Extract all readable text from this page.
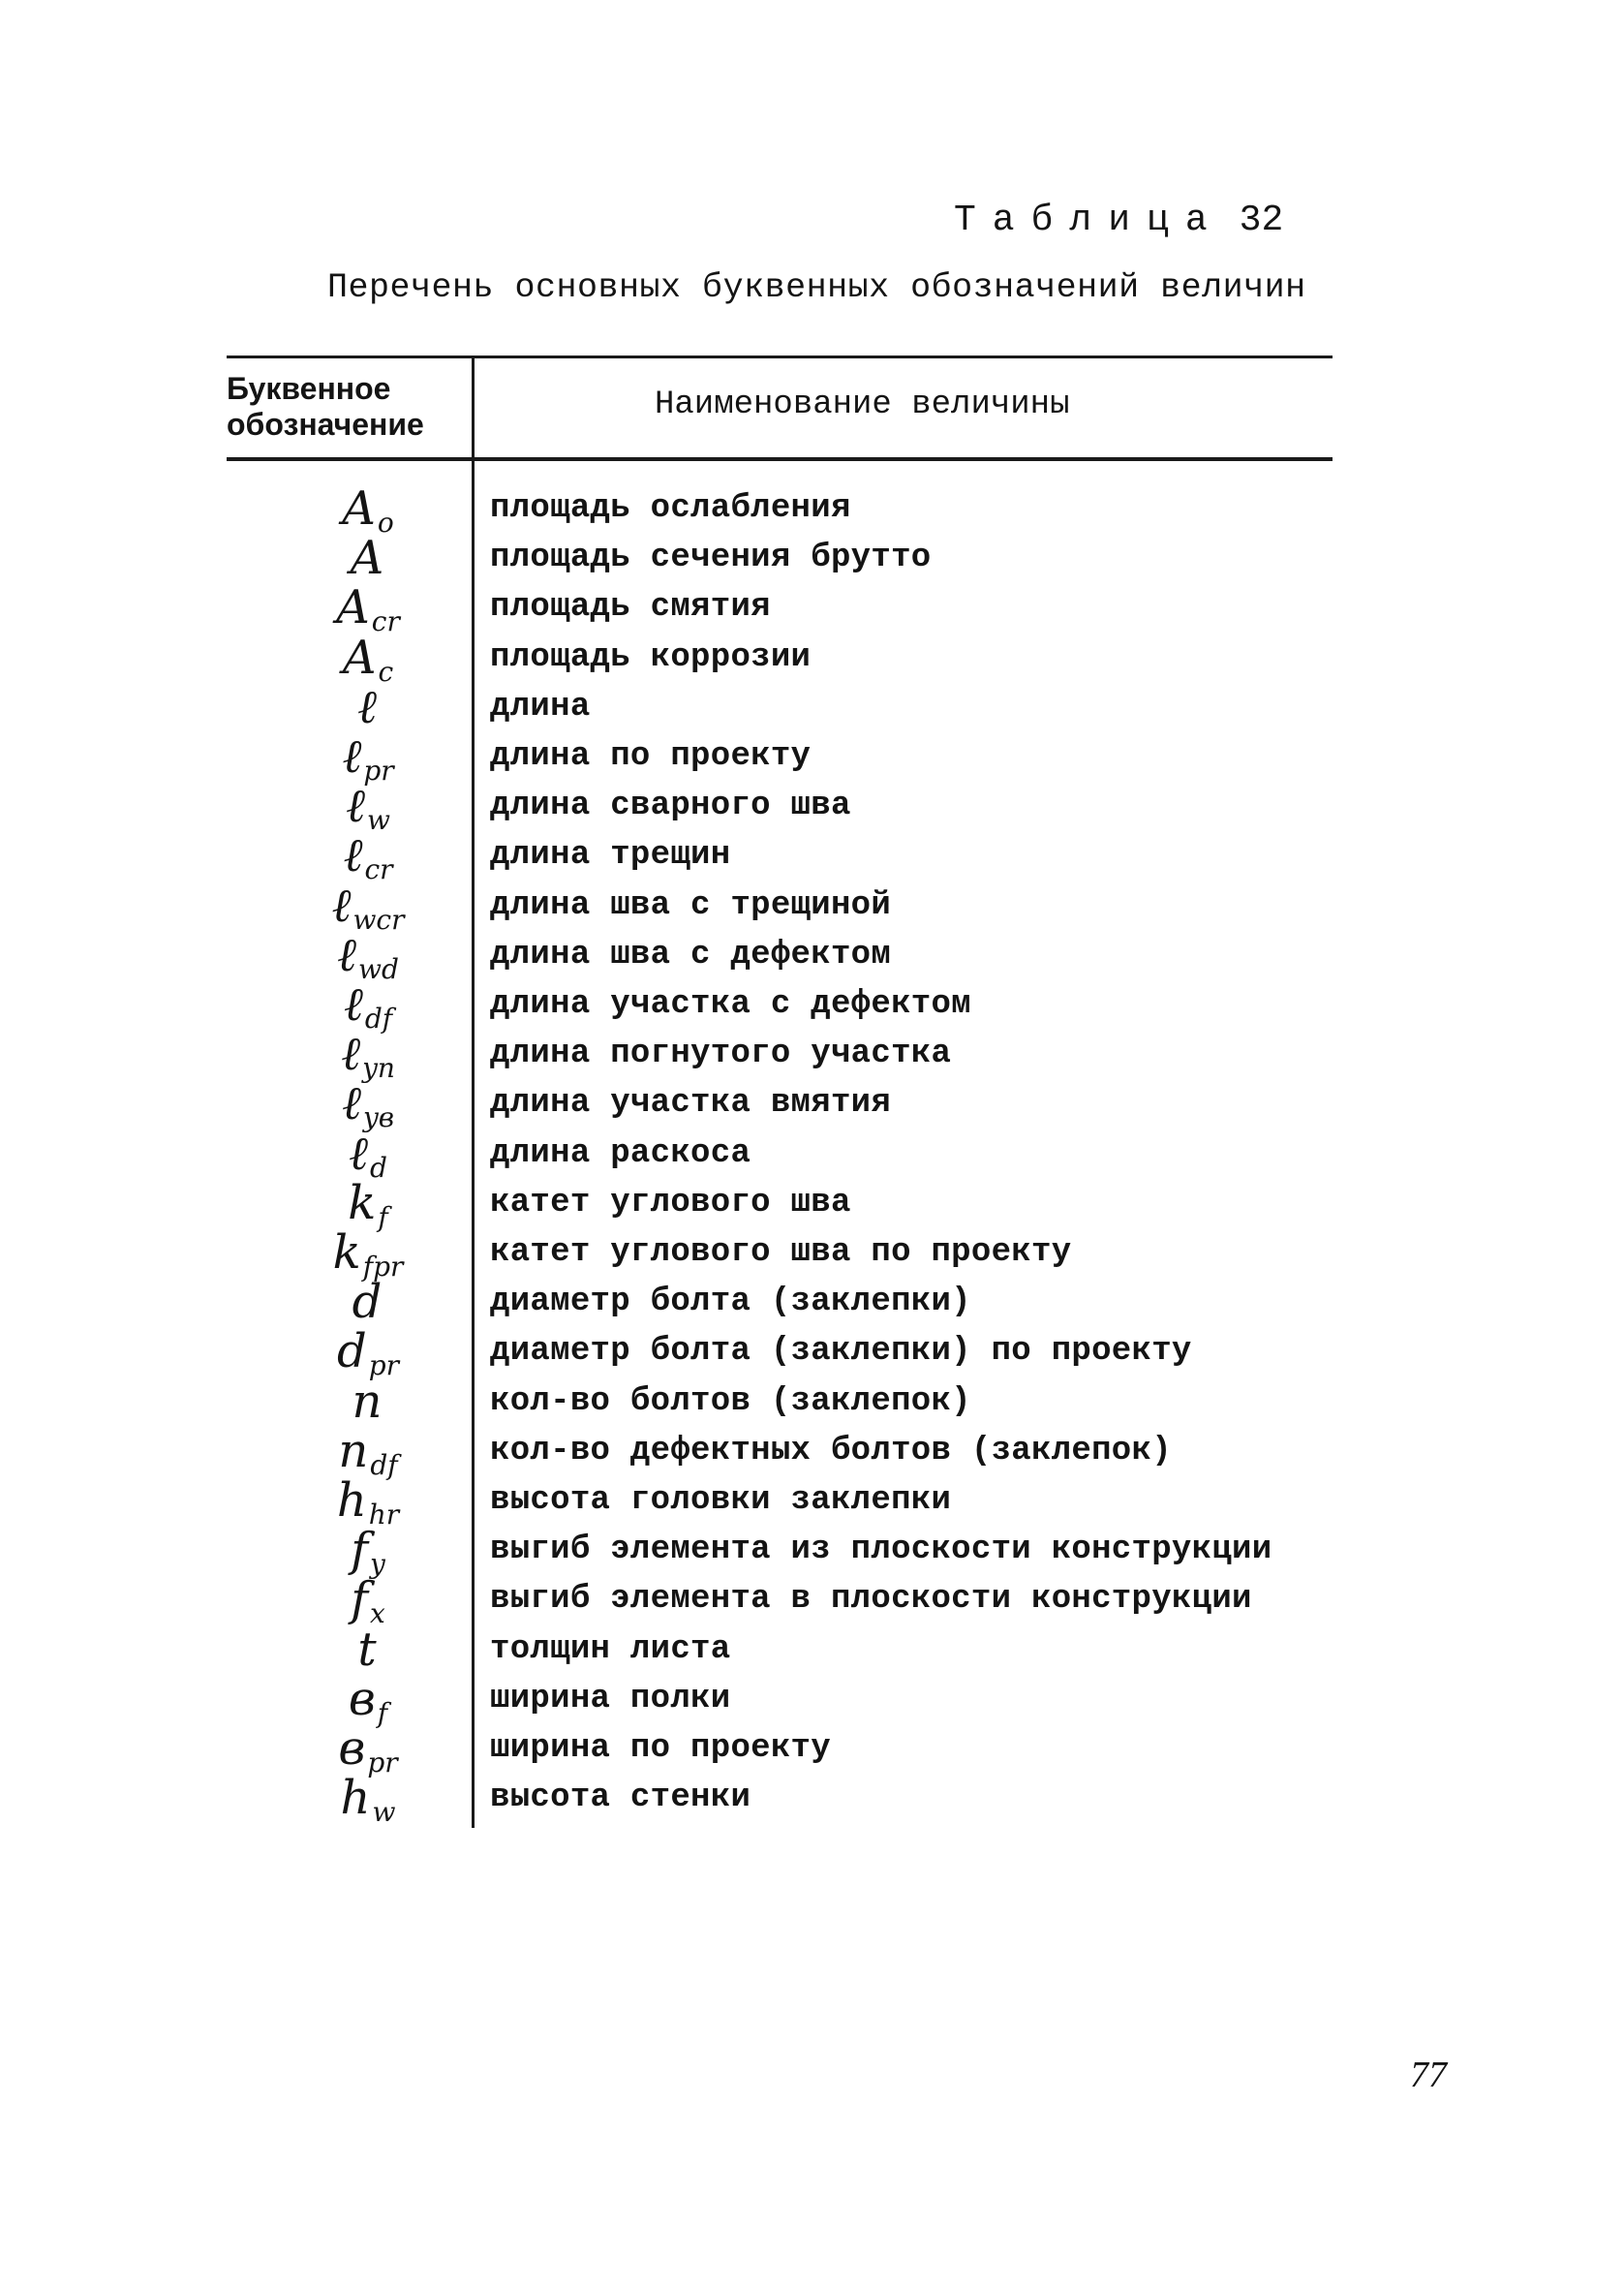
Таблица 32
Перечень основных буквенных обозначений величин
Буквенное обозначение
Наименование величины
$A_o$	площадь ослабления
A	площадь сечения брутто
$A_{cr}$	площадь смятия
$A_c$	площадь коррозии
ℓ	длина
ℓ$_{pr}$	длина по проекту
ℓ$_w$	длина сварного шва
ℓ$_{cr}$	длина трещин
ℓ$_{wcr}$	длина шва с трещиной
ℓ$_{wd}$	длина шва с дефектом
ℓ$_{df}$	длина участка с дефектом
ℓ$_{yn}$	длина погнутого участка
ℓ$_{yв}$	длина участка вмятия
ℓ$_d$	длина раскоса
$k_f$	катет углового шва
$k_{fpr}$	катет углового шва по проекту
d	диаметр болта (заклепки)
$d_{pr}$	диаметр болта (заклепки) по проекту
n	кол-во болтов (заклепок)
$n_{df}$	кол-во дефектных болтов (заклепок)
$h_{hr}$	высота головки заклепки
$f_y$	выгиб элемента из плоскости конструкции
$f_x$	выгиб элемента в плоскости конструкции
t	толщин листа
$в_f$	ширина полки
$в_{pr}$	ширина по проекту
$h_w$	высота стенки
77
